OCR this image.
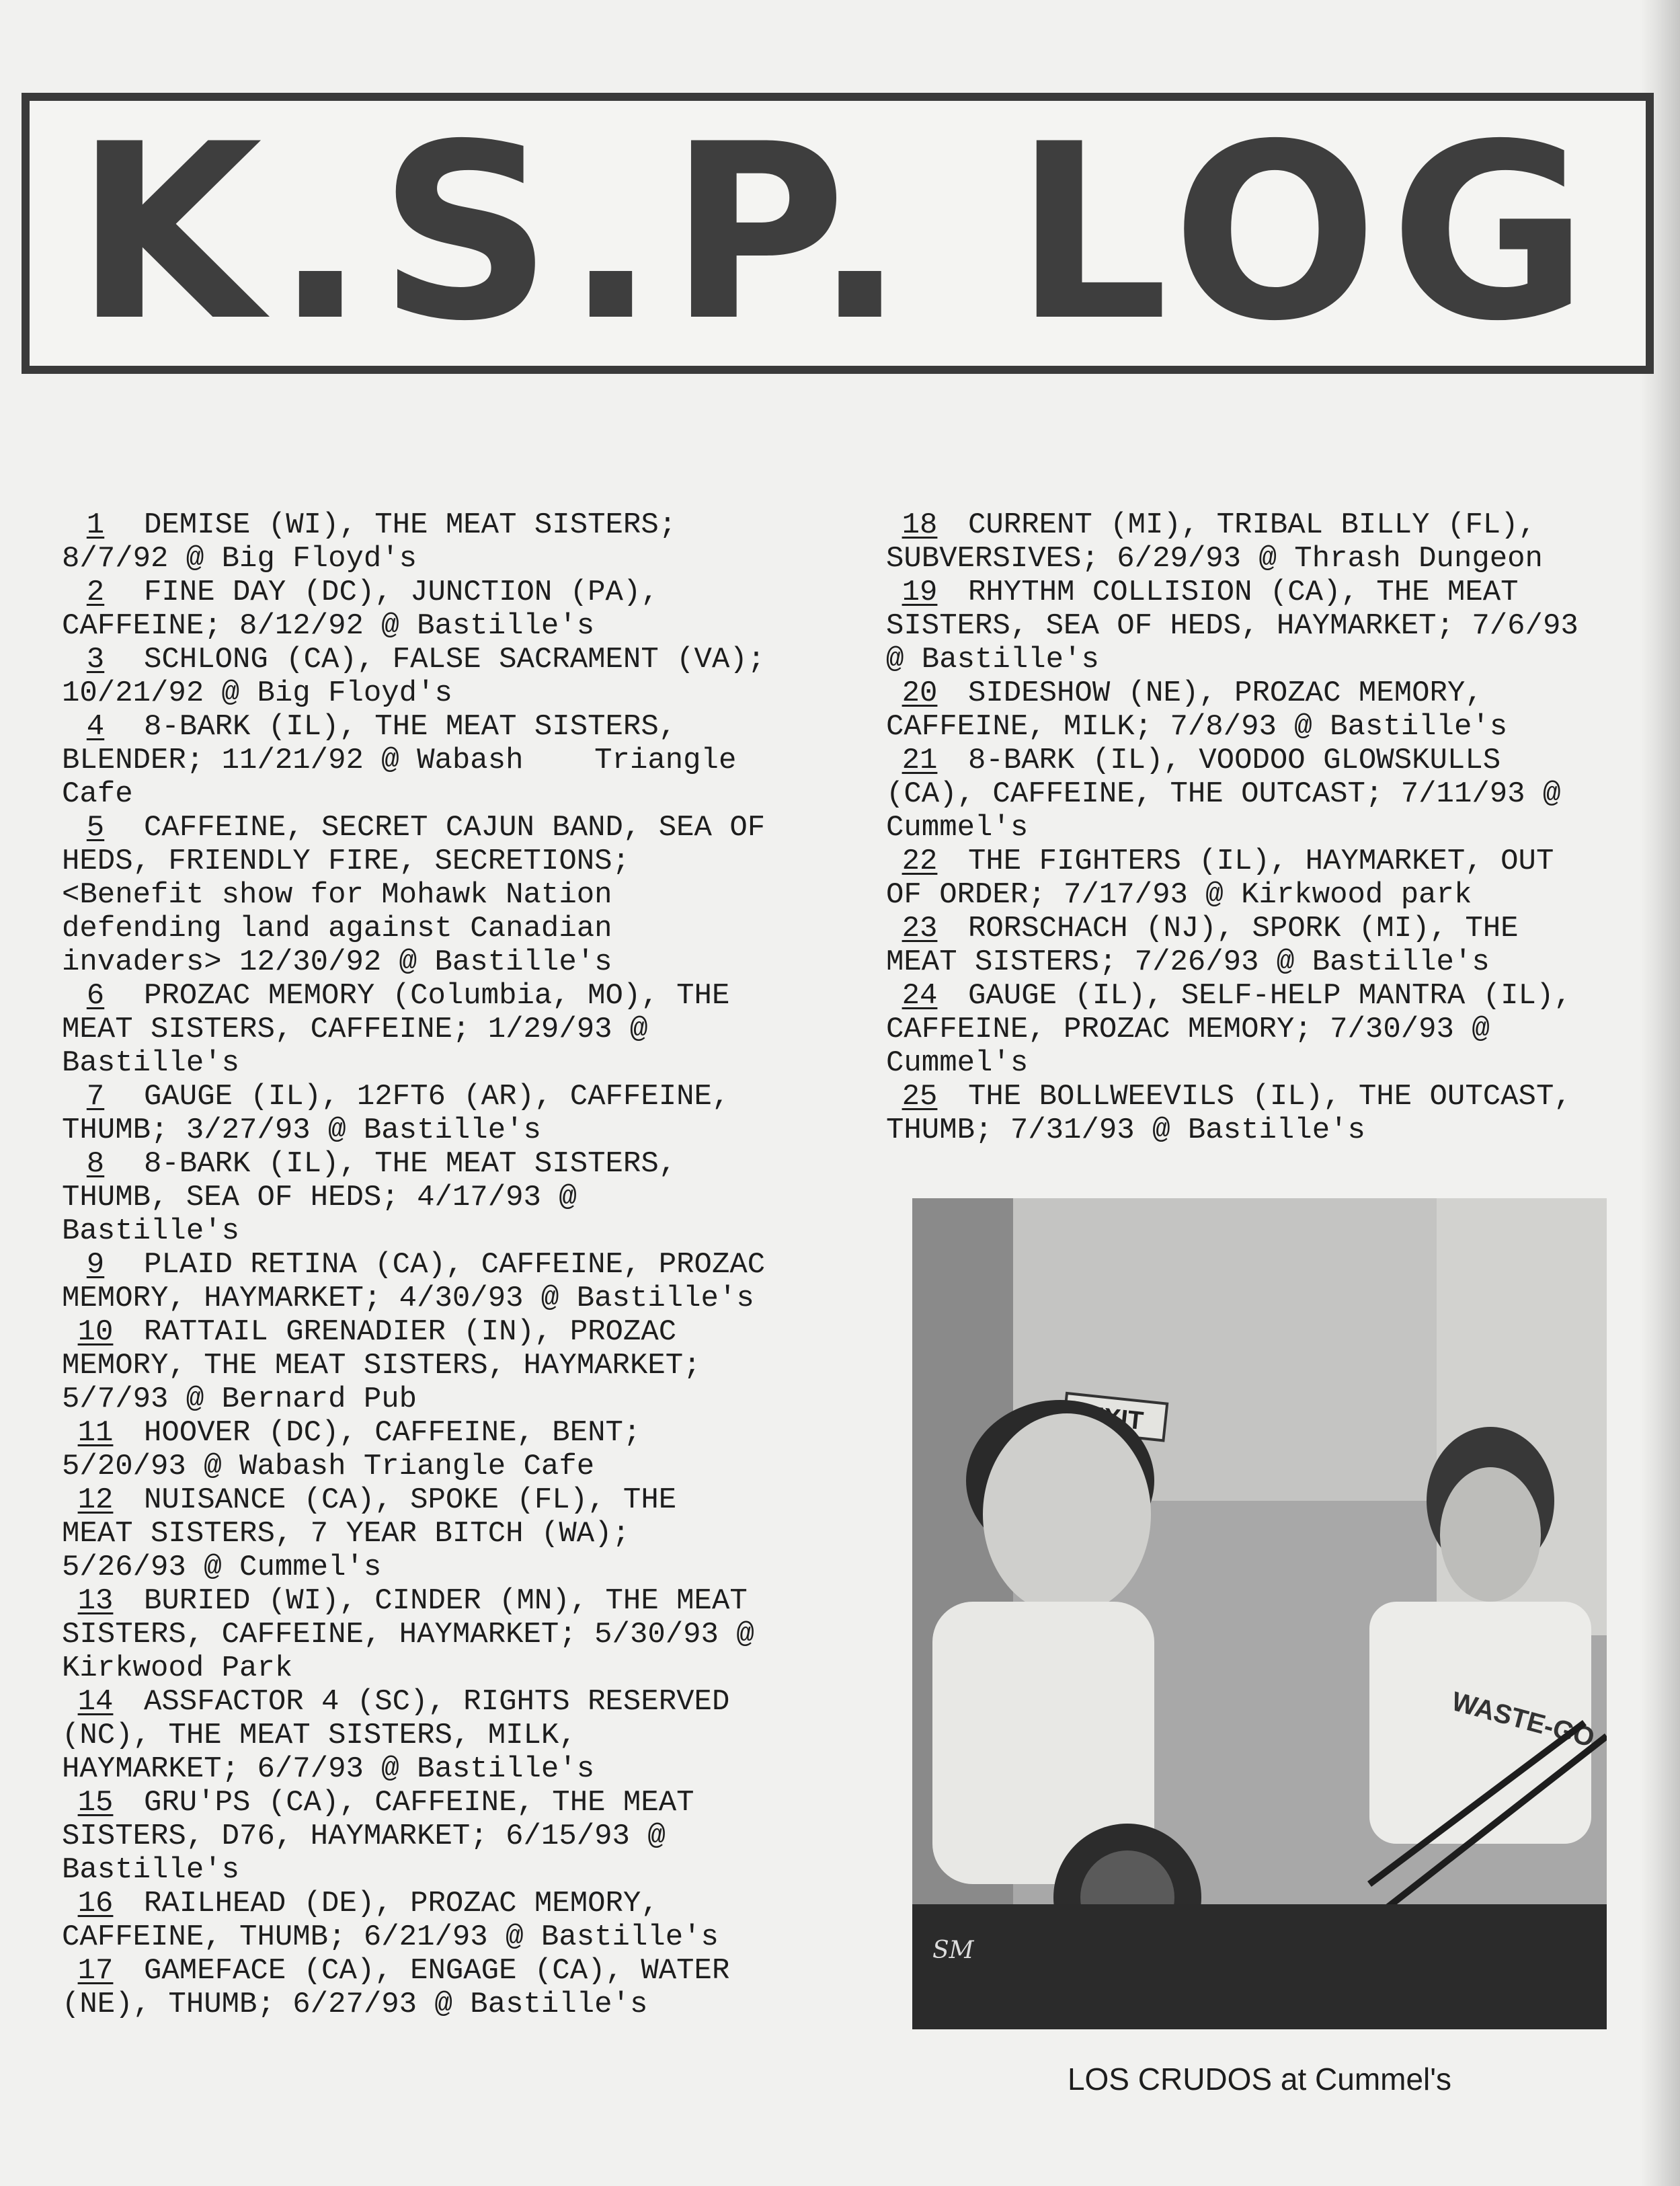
K.S.P. LOG
1 DEMISE (WI), THE MEAT SISTERS;
8/7/92 @ Big Floyd's
2 FINE DAY (DC), JUNCTION (PA),
CAFFEINE; 8/12/92 @ Bastille's
3 SCHLONG (CA), FALSE SACRAMENT (VA);
10/21/92 @ Big Floyd's
4 8-BARK (IL), THE MEAT SISTERS,
BLENDER; 11/21/92 @ Wabash    Triangle
Cafe
5 CAFFEINE, SECRET CAJUN BAND, SEA OF
HEDS, FRIENDLY FIRE, SECRETIONS;
<Benefit show for Mohawk Nation
defending land against Canadian
invaders> 12/30/92 @ Bastille's
6 PROZAC MEMORY (Columbia, MO), THE
MEAT SISTERS, CAFFEINE; 1/29/93 @
Bastille's
7 GAUGE (IL), 12FT6 (AR), CAFFEINE,
THUMB; 3/27/93 @ Bastille's
8 8-BARK (IL), THE MEAT SISTERS,
THUMB, SEA OF HEDS; 4/17/93 @
Bastille's
9 PLAID RETINA (CA), CAFFEINE, PROZAC
MEMORY, HAYMARKET; 4/30/93 @ Bastille's
10 RATTAIL GRENADIER (IN), PROZAC
MEMORY, THE MEAT SISTERS, HAYMARKET;
5/7/93 @ Bernard Pub
11 HOOVER (DC), CAFFEINE, BENT;
5/20/93 @ Wabash Triangle Cafe
12 NUISANCE (CA), SPOKE (FL), THE
MEAT SISTERS, 7 YEAR BITCH (WA);
5/26/93 @ Cummel's
13 BURIED (WI), CINDER (MN), THE MEAT
SISTERS, CAFFEINE, HAYMARKET; 5/30/93 @
Kirkwood Park
14 ASSFACTOR 4 (SC), RIGHTS RESERVED
(NC), THE MEAT SISTERS, MILK,
HAYMARKET; 6/7/93 @ Bastille's
15 GRU'PS (CA), CAFFEINE, THE MEAT
SISTERS, D76, HAYMARKET; 6/15/93 @
Bastille's
16 RAILHEAD (DE), PROZAC MEMORY,
CAFFEINE, THUMB; 6/21/93 @ Bastille's
17 GAMEFACE (CA), ENGAGE (CA), WATER
(NE), THUMB; 6/27/93 @ Bastille's
18 CURRENT (MI), TRIBAL BILLY (FL),
SUBVERSIVES; 6/29/93 @ Thrash Dungeon
19 RHYTHM COLLISION (CA), THE MEAT
SISTERS, SEA OF HEDS, HAYMARKET; 7/6/93
@ Bastille's
20 SIDESHOW (NE), PROZAC MEMORY,
CAFFEINE, MILK; 7/8/93 @ Bastille's
21 8-BARK (IL), VOODOO GLOWSKULLS
(CA), CAFFEINE, THE OUTCAST; 7/11/93 @
Cummel's
22 THE FIGHTERS (IL), HAYMARKET, OUT
OF ORDER; 7/17/93 @ Kirkwood park
23 RORSCHACH (NJ), SPORK (MI), THE
MEAT SISTERS; 7/26/93 @ Bastille's
24 GAUGE (IL), SELF-HELP MANTRA (IL),
CAFFEINE, PROZAC MEMORY; 7/30/93 @
Cummel's
25 THE BOLLWEEVILS (IL), THE OUTCAST,
THUMB; 7/31/93 @ Bastille's
WASTE-GO
SM
LOS CRUDOS at Cummel's
